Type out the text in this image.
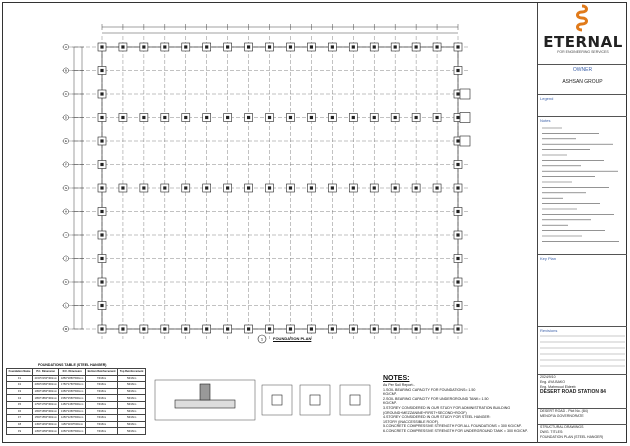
A
B
C
D
E
F
G
H
I
J
K
L
M
1 FOUNDATION PLAN
FOUNDATIONS TABLE (STEEL HANGER)
Foundation Name	P.C. Dimension	R.C. Dimension	Bottom Reinforcement	Top Reinforcement
F1	2150*2150*300mm	1850*1850*600mm	7Φ16/m	5Φ16/m
F2	2050*2050*300mm	1750*1750*600mm	7Φ16/m	5Φ16/m
F3	1950*1950*300mm	1650*1650*600mm	7Φ16/m	5Φ16/m
F4	1850*1850*300mm	1550*1550*600mm	7Φ16/m	5Φ16/m
F5	1750*1750*300mm	1450*1450*600mm	7Φ16/m	5Φ16/m
F6	1650*1650*300mm	1350*1350*600mm	7Φ16/m	5Φ16/m
F7	1550*1550*300mm	1250*1250*600mm	7Φ16/m	5Φ16/m
F8	1450*1450*300mm	1150*1150*600mm	7Φ16/m	5Φ16/m
F9	1350*1350*300mm	1050*1050*600mm	7Φ16/m	5Φ16/m
NOTES:
As Per Soil Report:-
1.SOIL BEARING CAPACITY FOR FOUNDATIONS= 1.50
KG/CM².
2.SOIL BEARING CAPACITY FOR UNDERGROUND TANK= 1.50
KG/CM².
3.STOREY CONSIDERED IN OUR STUDY FOR ADMINISTRATION BUILDING
(GROUND+MEZZANINE+FIRST+SECOND+ROOF)
4.STOREY CONSIDERED IN OUR STUDY FOR STEEL HANGER:
1STORY (INACCESSIBLE ROOF).
5.CONCRETE COMPRESSIVE STRENGTH FOR ALL FOUNDATIONS = 300 KG/CM².
6.CONCRETE COMPRESSIVE STRENGTH FOR UNDERGROUND TANK = 300 KG/CM².
ETERNAL
FOR ENGINEERING SERVICES
OWNER
ASHSAN GROUP
Legend
Notes
Key Plan
Revisions
2024/9/10
Eng. AYA BAKO
Eng. Mahmoud Eldeeb
DESERT ROAD STATION 84
DESERT ROAD - Plot No. (84)
MENOFIA GOVERNORATE
STRUCTURAL DRAWINGS
DWG. TITLES:
FOUNDATION PLAN (STEEL HANGER)
